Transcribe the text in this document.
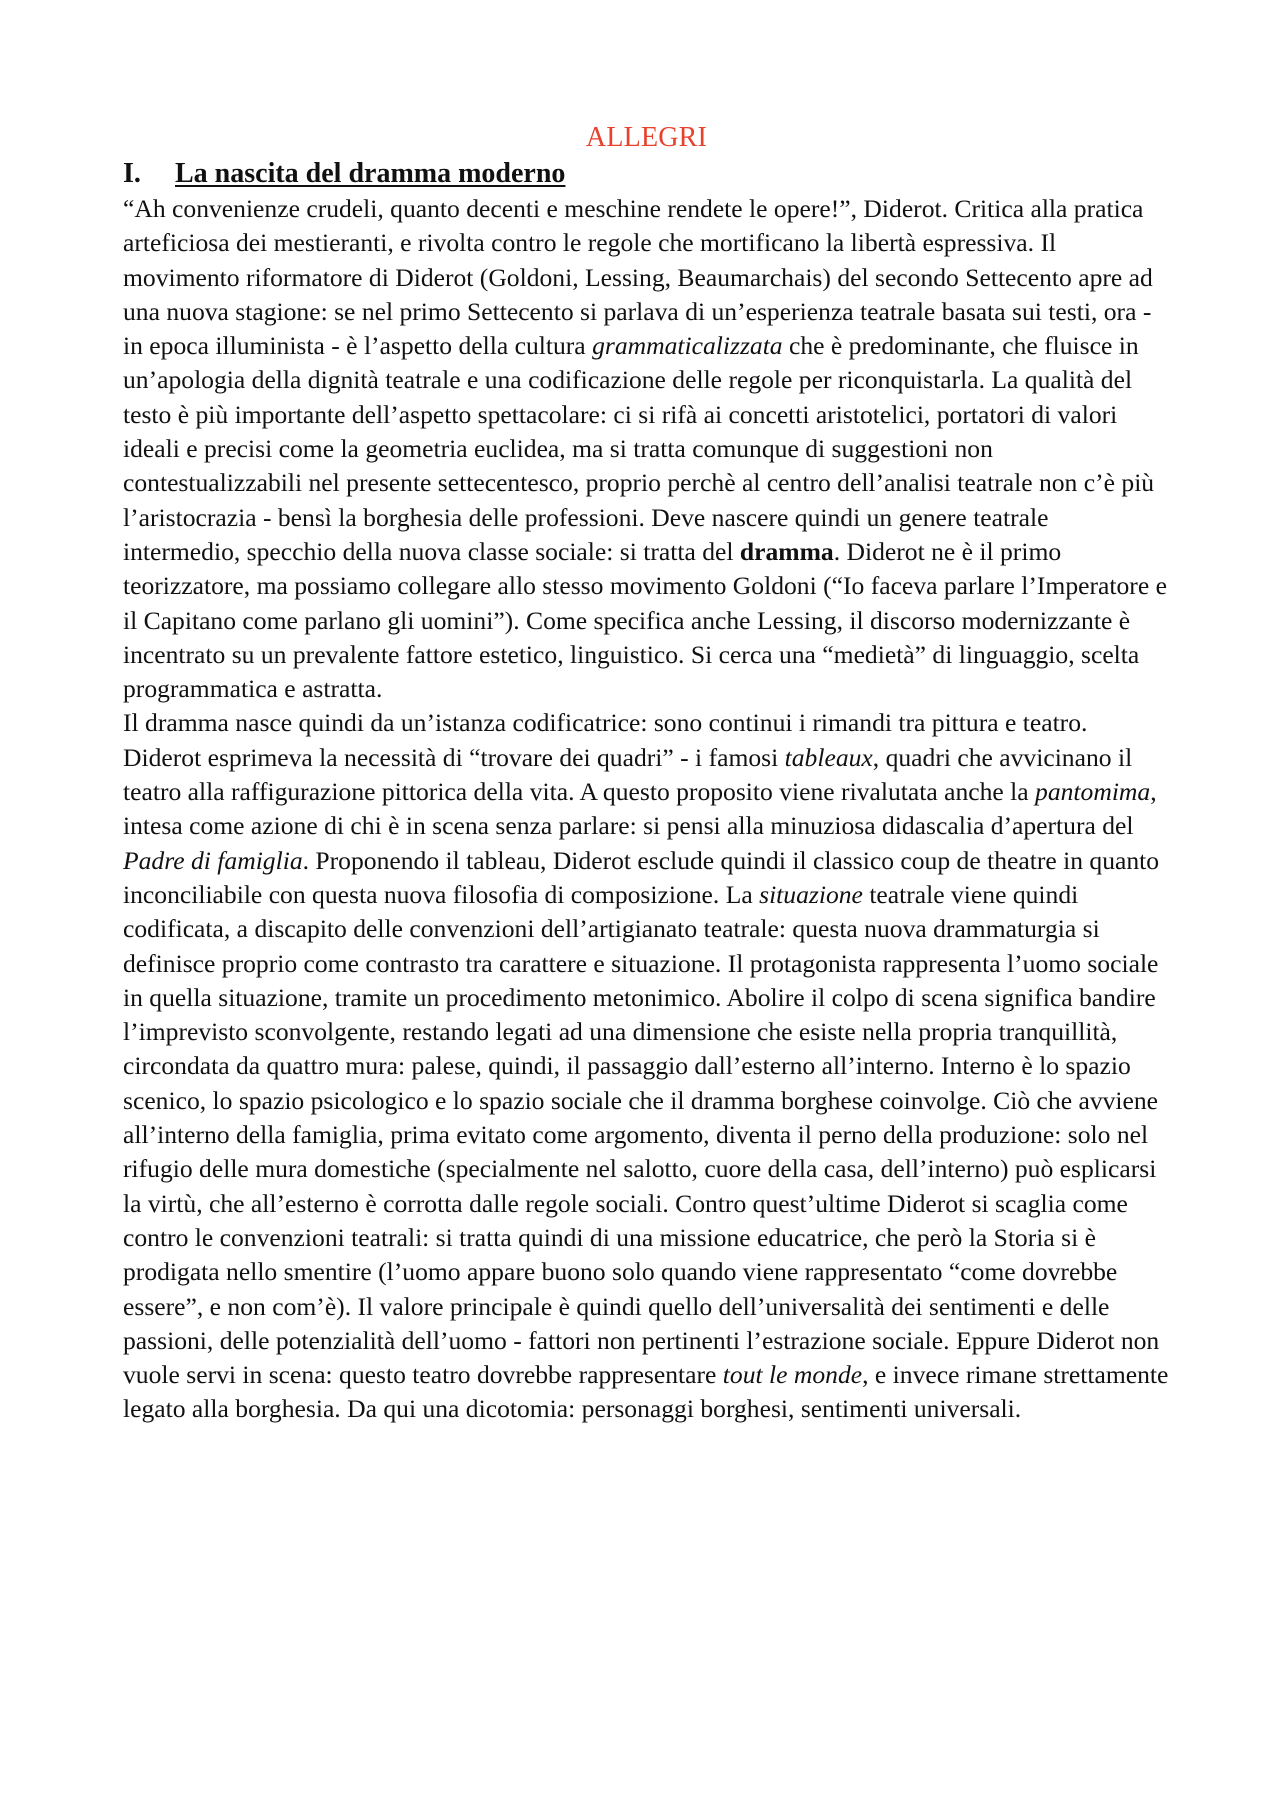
ALLEGRI
I.	La nascita del dramma moderno

“Ah convenienze crudeli, quanto decenti e meschine rendete le opere!”, Diderot. Critica alla pratica arteficiosa dei mestieranti, e rivolta contro le regole che mortificano la libertà espressiva. Il movimento riformatore di Diderot (Goldoni, Lessing, Beaumarchais) del secondo Settecento apre ad una nuova stagione: se nel primo Settecento si parlava di un’esperienza teatrale basata sui testi, ora - in epoca illuminista - è l’aspetto della cultura grammaticalizzata che è predominante, che fluisce in un’apologia della dignità teatrale e una codificazione delle regole per riconquistarla. La qualità del testo è più importante dell’aspetto spettacolare: ci si rifà ai concetti aristotelici, portatori di valori ideali e precisi come la geometria euclidea, ma si tratta comunque di suggestioni non contestualizzabili nel presente settecentesco, proprio perchè al centro dell’analisi teatrale non c’è più l’aristocrazia - bensì la borghesia delle professioni. Deve nascere quindi un genere teatrale intermedio, specchio della nuova classe sociale: si tratta del dramma. Diderot ne è il primo teorizzatore, ma possiamo collegare allo stesso movimento Goldoni (“Io faceva parlare l’Imperatore e il Capitano come parlano gli uomini”). Come specifica anche Lessing, il discorso modernizzante è incentrato su un prevalente fattore estetico, linguistico. Si cerca una “medietà” di linguaggio, scelta programmatica e astratta.

Il dramma nasce quindi da un’istanza codificatrice: sono continui i rimandi tra pittura e teatro. Diderot esprimeva la necessità di “trovare dei quadri” - i famosi tableaux, quadri che avvicinano il teatro alla raffigurazione pittorica della vita. A questo proposito viene rivalutata anche la pantomima, intesa come azione di chi è in scena senza parlare: si pensi alla minuziosa didascalia d’apertura del Padre di famiglia. Proponendo il tableau, Diderot esclude quindi il classico coup de theatre in quanto inconciliabile con questa nuova filosofia di composizione. La situazione teatrale viene quindi codificata, a discapito delle convenzioni dell’artigianato teatrale: questa nuova drammaturgia si definisce proprio come contrasto tra carattere e situazione. Il protagonista rappresenta l’uomo sociale in quella situazione, tramite un procedimento metonimico. Abolire il colpo di scena significa bandire l’imprevisto sconvolgente, restando legati ad una dimensione che esiste nella propria tranquillità, circondata da quattro mura: palese, quindi, il passaggio dall’esterno all’interno. Interno è lo spazio scenico, lo spazio psicologico e lo spazio sociale che il dramma borghese coinvolge. Ciò che avviene all’interno della famiglia, prima evitato come argomento, diventa il perno della produzione: solo nel rifugio delle mura domestiche (specialmente nel salotto, cuore della casa, dell’interno) può esplicarsi la virtù, che all’esterno è corrotta dalle regole sociali. Contro quest’ultime Diderot si scaglia come contro le convenzioni teatrali: si tratta quindi di una missione educatrice, che però la Storia si è prodigata nello smentire (l’uomo appare buono solo quando viene rappresentato “come dovrebbe essere”, e non com’è). Il valore principale è quindi quello dell’universalità dei sentimenti e delle passioni, delle potenzialità dell’uomo - fattori non pertinenti l’estrazione sociale. Eppure Diderot non vuole servi in scena: questo teatro dovrebbe rappresentare tout le monde, e invece rimane strettamente legato alla borghesia. Da qui una dicotomia: personaggi borghesi, sentimenti universali.
